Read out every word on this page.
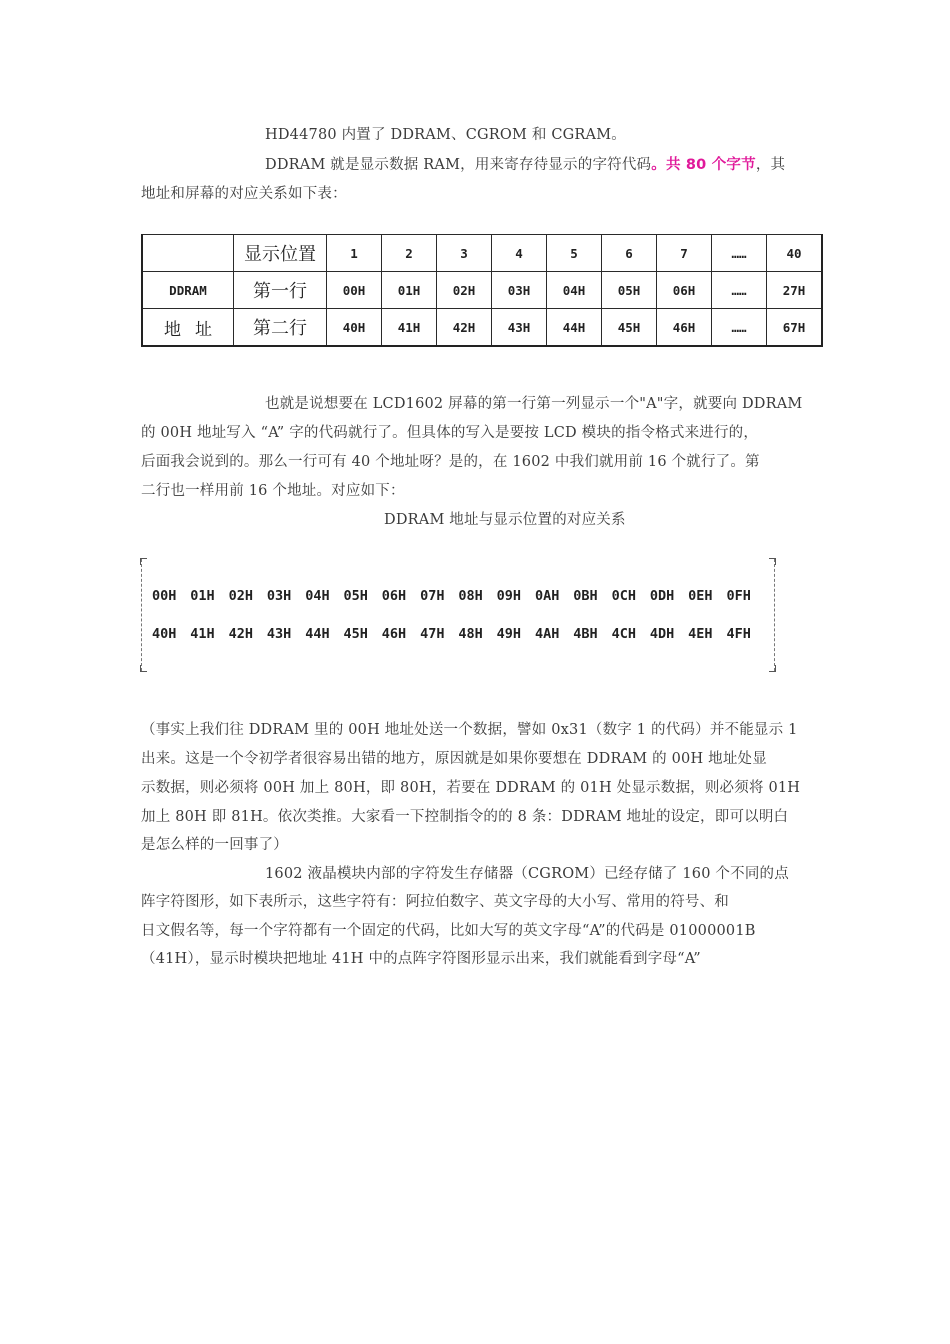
HD44780 内置了 DDRAM、CGROM 和 CGRAM。
DDRAM 就是显示数据 RAM，用来寄存待显示的字符代码。共 80 个字节，其
地址和屏幕的对应关系如下表：
	显示位置	1	2	3	4	5	6	7	……	40
DDRAM	第一行	00H	01H	02H	03H	04H	05H	06H	……	27H
地址	第二行	40H	41H	42H	43H	44H	45H	46H	……	67H
也就是说想要在 LCD1602 屏幕的第一行第一列显示一个"A"字，就要向 DDRAM
的 00H 地址写入 “A” 字的代码就行了。但具体的写入是要按 LCD 模块的指令格式来进行的，
后面我会说到的。那么一行可有 40 个地址呀？是的，在 1602 中我们就用前 16 个就行了。第
二行也一样用前 16 个地址。对应如下：
DDRAM 地址与显示位置的对应关系
00H 01H 02H 03H 04H 05H 06H 07H 08H 09H 0AH 0BH 0CH 0DH 0EH 0FH
40H 41H 42H 43H 44H 45H 46H 47H 48H 49H 4AH 4BH 4CH 4DH 4EH 4FH
（事实上我们往 DDRAM 里的 00H 地址处送一个数据，譬如 0x31（数字 1 的代码）并不能显示 1
出来。这是一个令初学者很容易出错的地方，原因就是如果你要想在 DDRAM 的 00H 地址处显
示数据，则必须将 00H 加上 80H，即 80H，若要在 DDRAM 的 01H 处显示数据，则必须将 01H
加上 80H 即 81H。依次类推。大家看一下控制指令的的 8 条：DDRAM 地址的设定，即可以明白
是怎么样的一回事了）
1602 液晶模块内部的字符发生存储器（CGROM）已经存储了 160 个不同的点
阵字符图形，如下表所示，这些字符有：阿拉伯数字、英文字母的大小写、常用的符号、和
日文假名等，每一个字符都有一个固定的代码，比如大写的英文字母“A”的代码是 01000001B
（41H），显示时模块把地址 41H 中的点阵字符图形显示出来，我们就能看到字母“A”
